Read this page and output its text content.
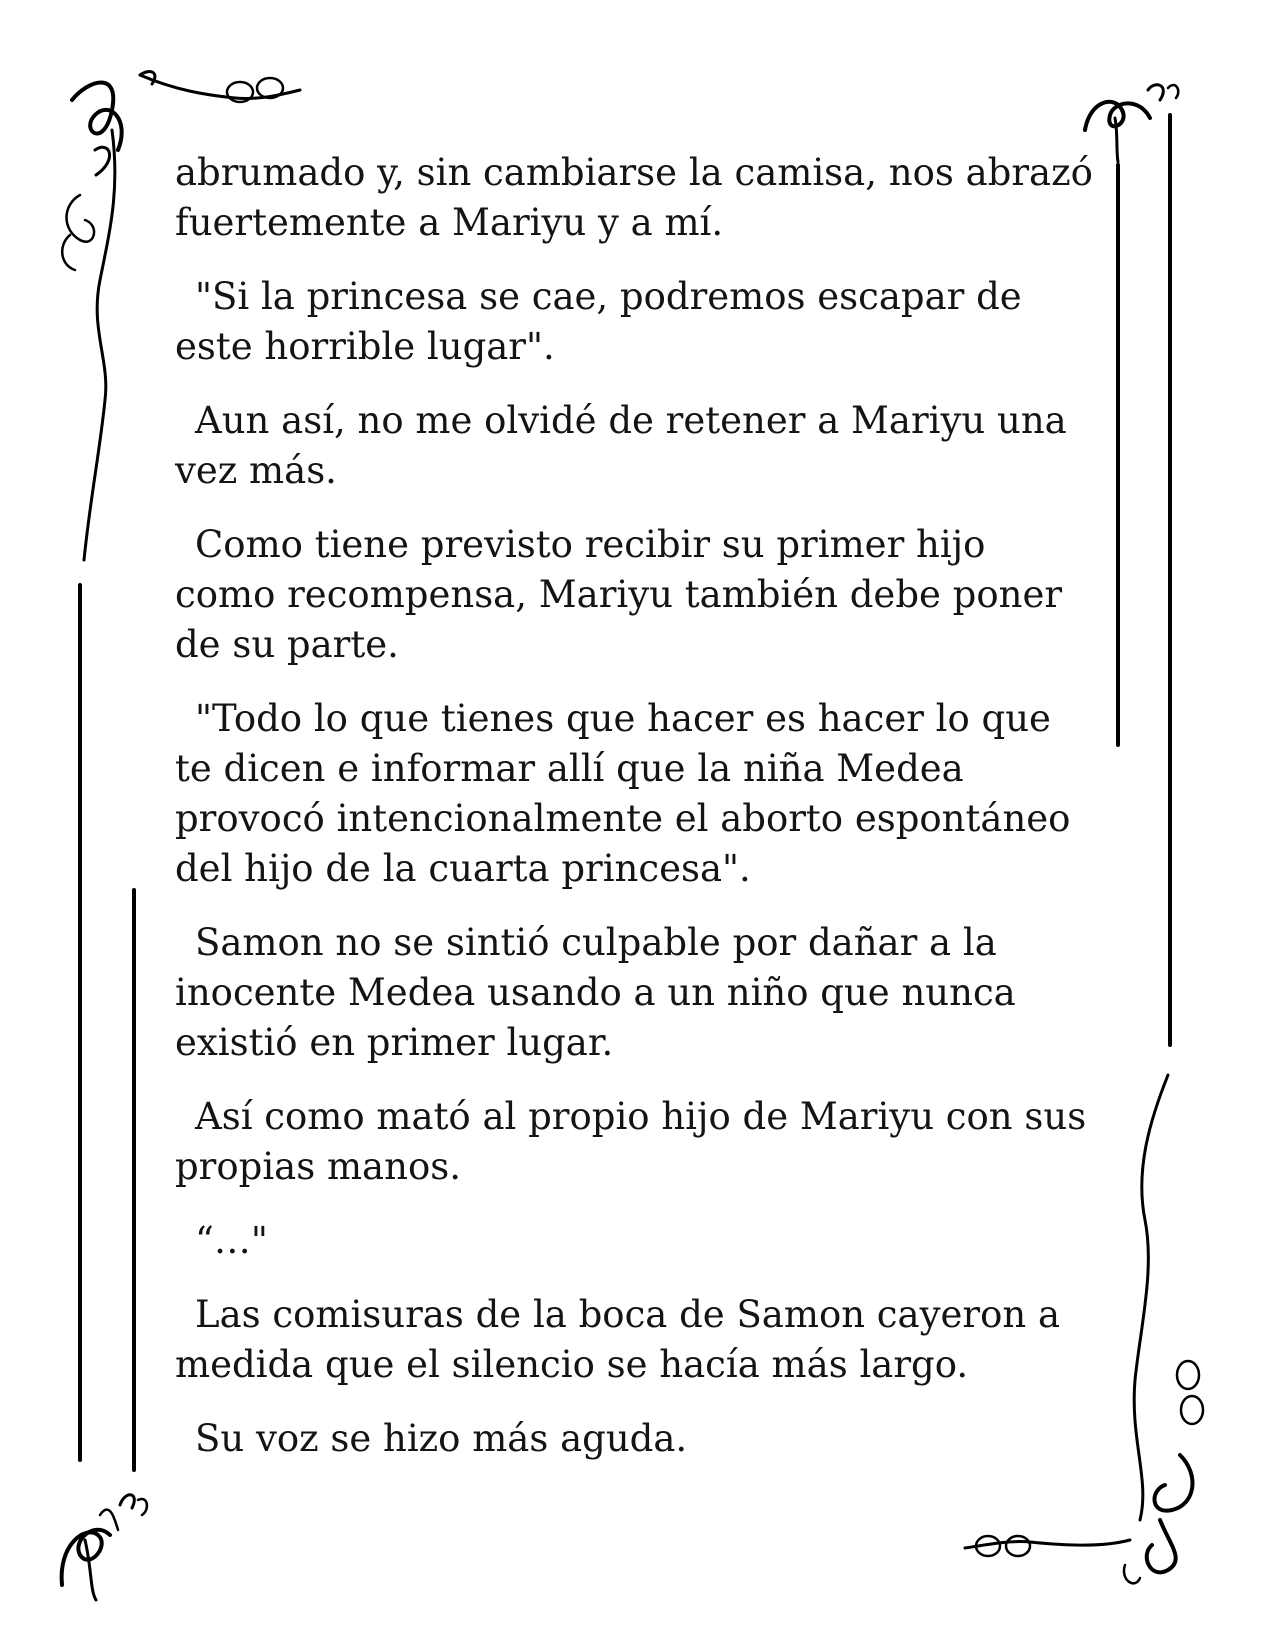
abrumado y, sin cambiarse la camisa, nos abrazó fuertemente a Mariyu y a mí.

"Si la princesa se cae, podremos escapar de este horrible lugar".

Aun así, no me olvidé de retener a Mariyu una vez más.

Como tiene previsto recibir su primer hijo como recompensa, Mariyu también debe poner de su parte.

"Todo lo que tienes que hacer es hacer lo que te dicen e informar allí que la niña Medea provocó intencionalmente el aborto espontáneo del hijo de la cuarta princesa".

Samon no se sintió culpable por dañar a la inocente Medea usando a un niño que nunca existió en primer lugar.

Así como mató al propio hijo de Mariyu con sus propias manos.

“…"

Las comisuras de la boca de Samon cayeron a medida que el silencio se hacía más largo.

Su voz se hizo más aguda.
